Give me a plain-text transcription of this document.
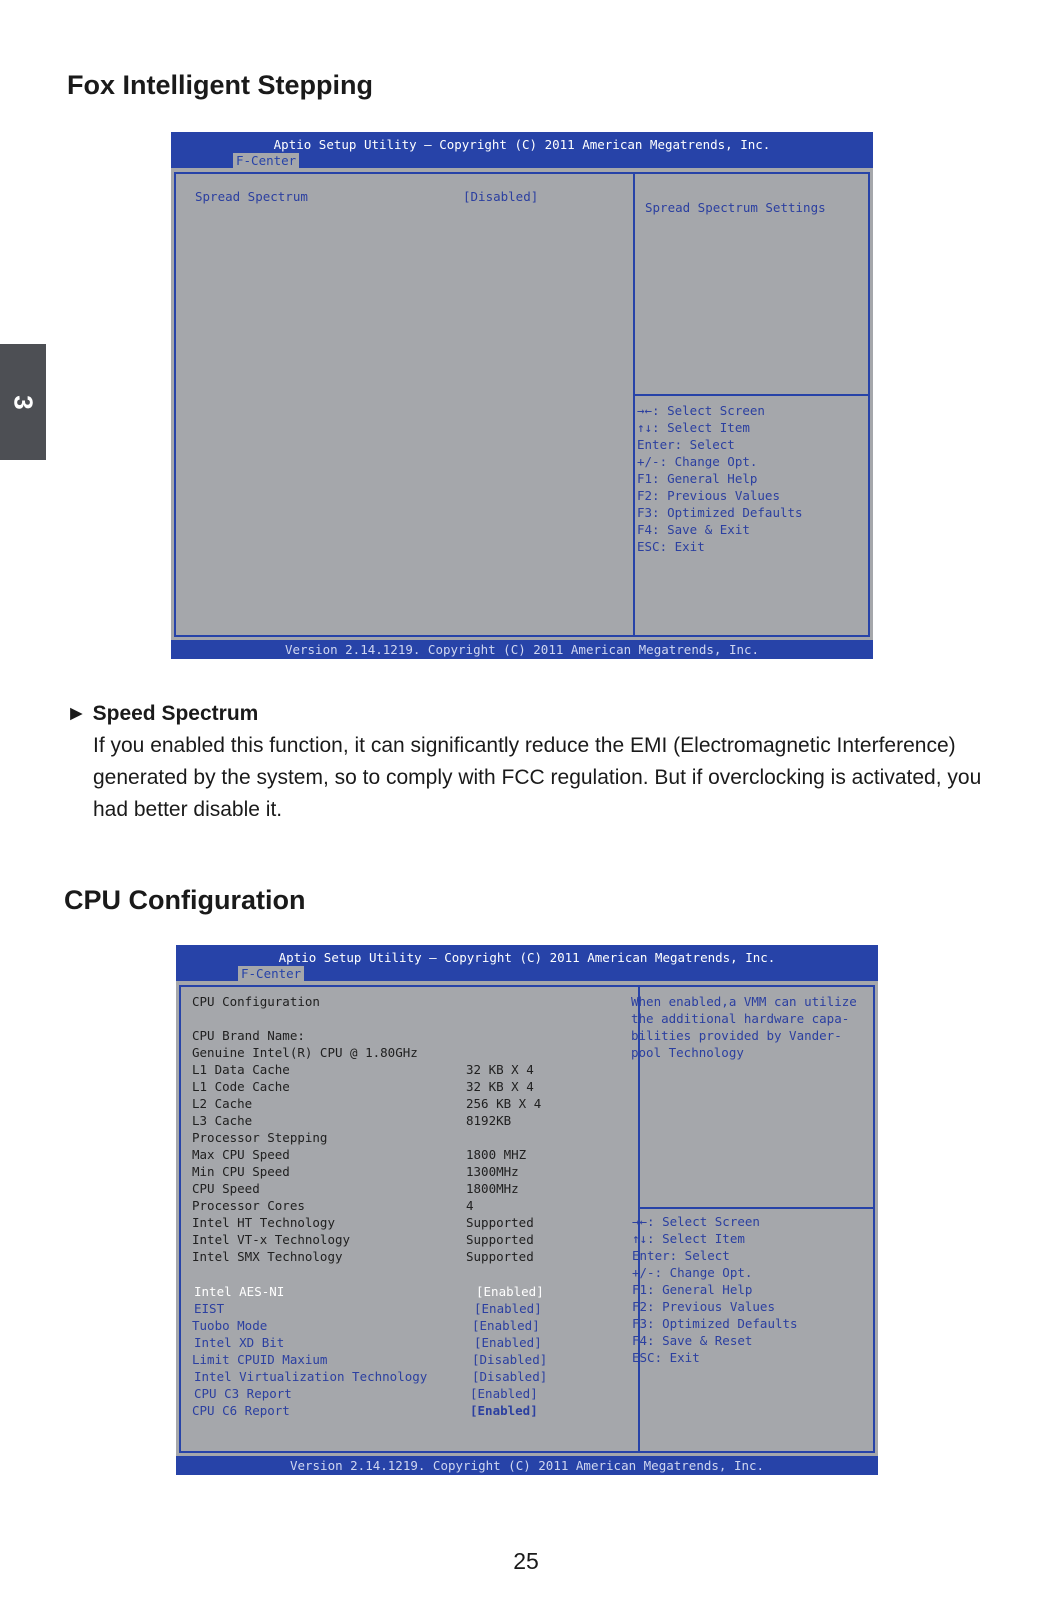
3
Fox Intelligent Stepping
Aptio Setup Utility – Copyright (C) 2011 American Megatrends, Inc.
F-Center
Spread Spectrum	[Disabled]
Spread Spectrum Settings
→←: Select Screen
↑↓: Select Item
Enter: Select
+/-: Change Opt.
F1: General Help
F2: Previous Values
F3: Optimized Defaults
F4: Save & Exit
ESC: Exit
Version 2.14.1219. Copyright (C) 2011 American Megatrends, Inc.
► Speed Spectrum
If you enabled this function, it can significantly reduce the EMI (Electromagnetic Interference) generated by the system, so to comply with FCC regulation. But if overclocking is activated, you had better disable it.
CPU Configuration
Aptio Setup Utility – Copyright (C) 2011 American Megatrends, Inc.
F-Center
CPU Configuration
CPU Brand Name:
Genuine Intel(R) CPU @ 1.80GHz
L1 Data Cache	32 KB X 4
L1 Code Cache	32 KB X 4
L2 Cache	256 KB X 4
L3 Cache	8192KB
Processor Stepping
Max CPU Speed	1800 MHZ
Min CPU Speed	1300MHz
CPU Speed	1800MHz
Processor Cores	4
Intel HT Technology	Supported
Intel VT-x Technology	Supported
Intel SMX Technology	Supported
Intel AES-NI	[Enabled]
EIST	[Enabled]
Tuobo Mode	[Enabled]
Intel XD Bit	[Enabled]
Limit CPUID Maxium	[Disabled]
Intel Virtualization Technology	[Disabled]
CPU C3 Report	[Enabled]
CPU C6 Report	[Enabled]
When enabled,a VMM can utilize
the additional hardware capa-
bilities provided by Vander-
pool Technology
→←: Select Screen
↑↓: Select Item
Enter: Select
+/-: Change Opt.
F1: General Help
F2: Previous Values
F3: Optimized Defaults
F4: Save & Reset
ESC: Exit
Version 2.14.1219. Copyright (C) 2011 American Megatrends, Inc.
25
